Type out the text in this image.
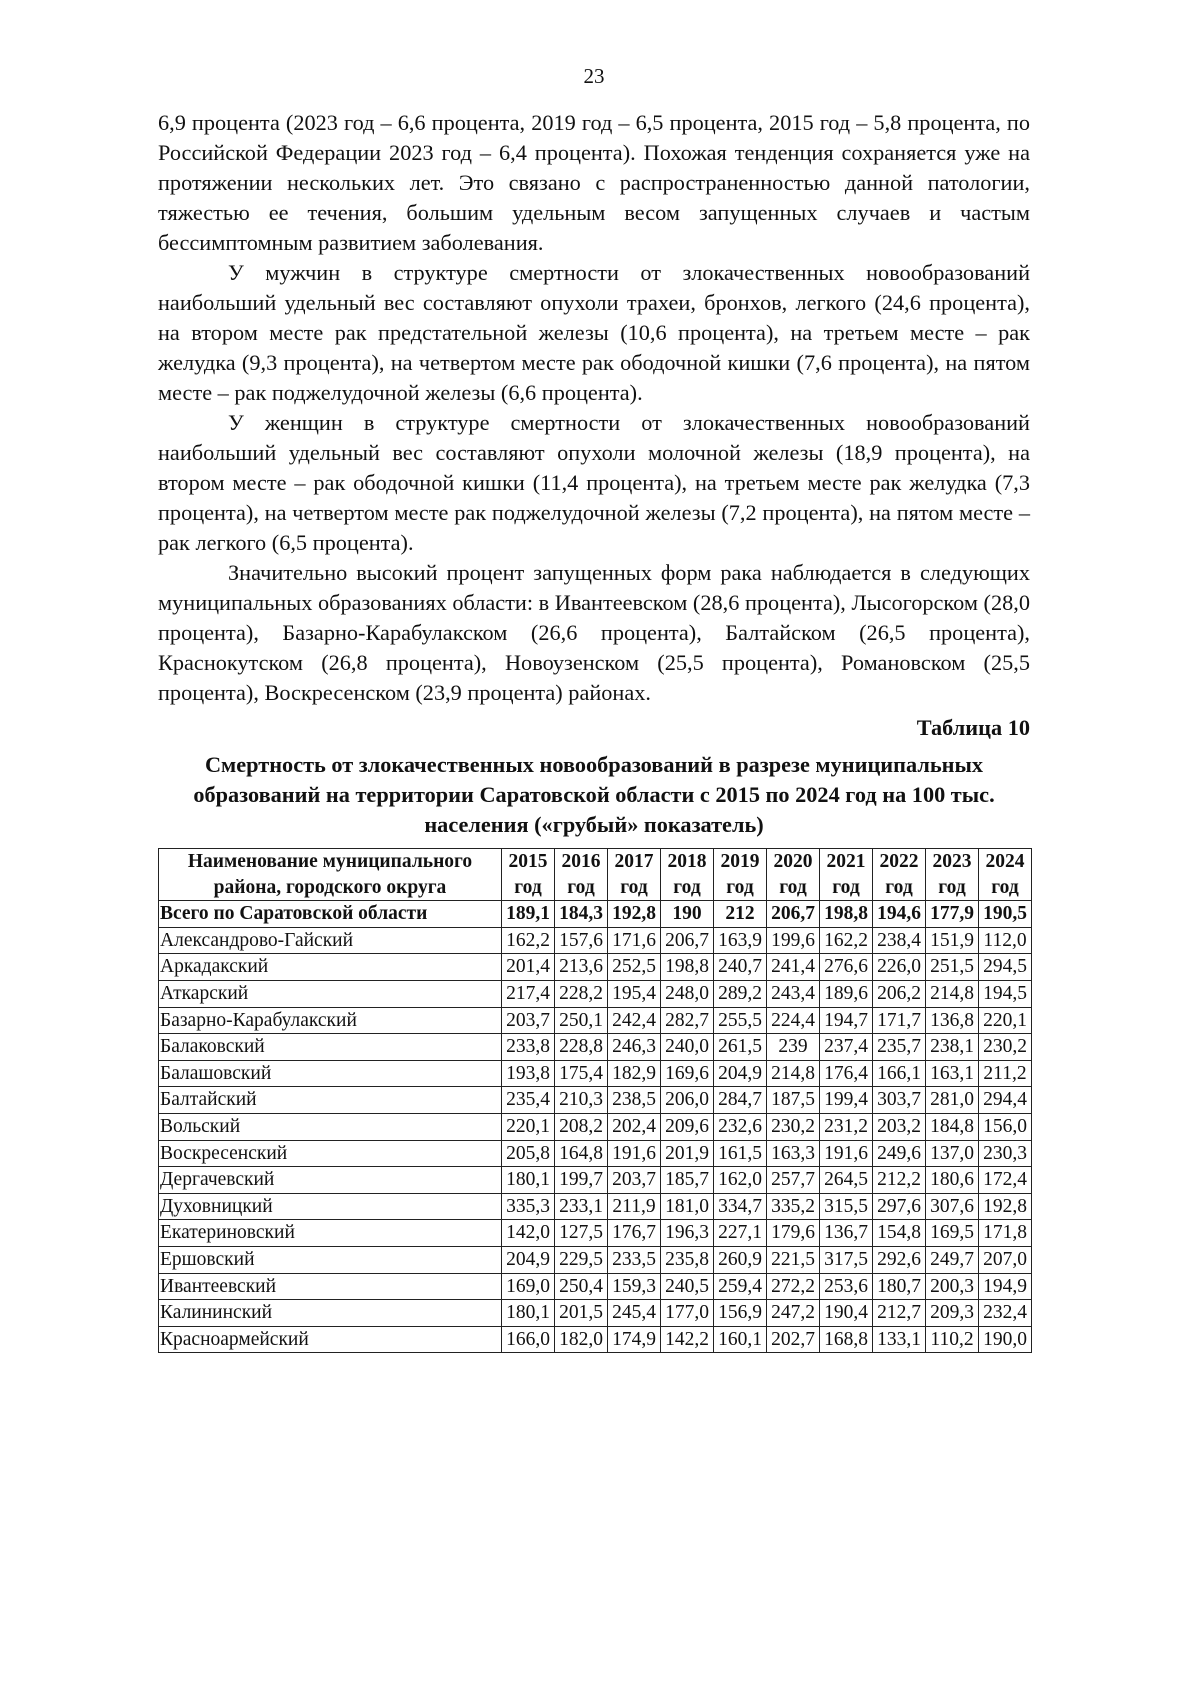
23

6,9 процента (2023 год – 6,6 процента, 2019 год – 6,5 процента, 2015 год – 5,8 процента, по Российской Федерации 2023 год – 6,4 процента). Похожая тенденция сохраняется уже на протяжении нескольких лет. Это связано с распространенностью данной патологии, тяжестью ее течения, большим удельным весом запущенных случаев и частым бессимптомным развитием заболевания.

У мужчин в структуре смертности от злокачественных новообразований наибольший удельный вес составляют опухоли трахеи, бронхов, легкого (24,6 процента), на втором месте рак предстательной железы (10,6 процента), на третьем месте – рак желудка (9,3 процента), на четвертом месте рак ободочной кишки (7,6 процента), на пятом месте – рак поджелудочной железы (6,6 процента).

У женщин в структуре смертности от злокачественных новообразований наибольший удельный вес составляют опухоли молочной железы (18,9 процента), на втором месте – рак ободочной кишки (11,4 процента), на третьем месте рак желудка (7,3 процента), на четвертом месте рак поджелудочной железы (7,2 процента), на пятом месте – рак легкого (6,5 процента).

Значительно высокий процент запущенных форм рака наблюдается в следующих муниципальных образованиях области: в Ивантеевском (28,6 процента), Лысогорском (28,0 процента), Базарно-Карабулакском (26,6 процента), Балтайском (26,5 процента), Краснокутском (26,8 процента), Новоузенском (25,5 процента), Романовском (25,5 процента), Воскресенском (23,9 процента) районах.

Таблица 10
Смертность от злокачественных новообразований в разрезе муниципальных образований на территории Саратовской области с 2015 по 2024 год на 100 тыс. населения («грубый» показатель)
Наименование муниципального района, городского округа	2015 год	2016 год	2017 год	2018 год	2019 год	2020 год	2021 год	2022 год	2023 год	2024 год
Всего по Саратовской области	189,1	184,3	192,8	190	212	206,7	198,8	194,6	177,9	190,5
Александрово-Гайский	162,2	157,6	171,6	206,7	163,9	199,6	162,2	238,4	151,9	112,0
Аркадакский	201,4	213,6	252,5	198,8	240,7	241,4	276,6	226,0	251,5	294,5
Аткарский	217,4	228,2	195,4	248,0	289,2	243,4	189,6	206,2	214,8	194,5
Базарно-Карабулакский	203,7	250,1	242,4	282,7	255,5	224,4	194,7	171,7	136,8	220,1
Балаковский	233,8	228,8	246,3	240,0	261,5	239	237,4	235,7	238,1	230,2
Балашовский	193,8	175,4	182,9	169,6	204,9	214,8	176,4	166,1	163,1	211,2
Балтайский	235,4	210,3	238,5	206,0	284,7	187,5	199,4	303,7	281,0	294,4
Вольский	220,1	208,2	202,4	209,6	232,6	230,2	231,2	203,2	184,8	156,0
Воскресенский	205,8	164,8	191,6	201,9	161,5	163,3	191,6	249,6	137,0	230,3
Дергачевский	180,1	199,7	203,7	185,7	162,0	257,7	264,5	212,2	180,6	172,4
Духовницкий	335,3	233,1	211,9	181,0	334,7	335,2	315,5	297,6	307,6	192,8
Екатериновский	142,0	127,5	176,7	196,3	227,1	179,6	136,7	154,8	169,5	171,8
Ершовский	204,9	229,5	233,5	235,8	260,9	221,5	317,5	292,6	249,7	207,0
Ивантеевский	169,0	250,4	159,3	240,5	259,4	272,2	253,6	180,7	200,3	194,9
Калининский	180,1	201,5	245,4	177,0	156,9	247,2	190,4	212,7	209,3	232,4
Красноармейский	166,0	182,0	174,9	142,2	160,1	202,7	168,8	133,1	110,2	190,0
